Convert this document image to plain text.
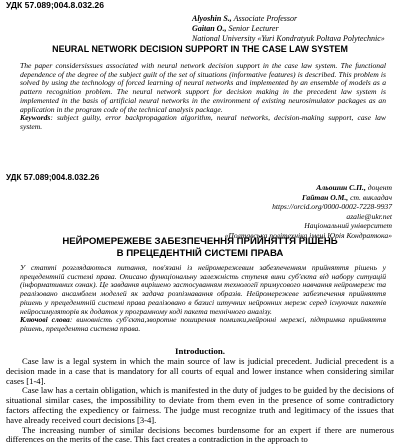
УДК 57.089;004.8.032.26
Alyoshin S., Associate Professor
Gaitan O., Senior Lecturer
National University «Yuri Kondratyuk Poltava Polytechnic»
NEURAL NETWORK DECISION SUPPORT IN THE CASE LAW SYSTEM
The paper considersissues associated with neural network decision support in the case law system. The functional dependence of the degree of the subject guilt of the set of situations (informative features) is described. This problem is solved by using the technology of forced learning of neural networks and implemented by an ensemble of models as a pattern recognition problem. The neural network support for decision making in the precedent law system is implemented in the basis of artificial neural networks in the environment of existing neurosimulator packages as an application in the program code of the technical analysis package.
Keywords: subject guilty, error backpropagation algorithm, neural networks, decision-making support, case law system.
УДК 57.089;004.8.032.26
Альошин С.П., доцент
Гайтан О.М., ст. викладач
https://orcid.org/0000-0002-7228-9937
azalie@ukr.net
Національний університет
«Полтавська політехніка імені Юрія Кондратюка»
НЕЙРОМЕРЕЖЕВЕ ЗАБЕЗПЕЧЕННЯ ПРИЙНЯТТЯ РІШЕНЬ
В ПРЕЦЕДЕНТНІЙ СИСТЕМІ ПРАВА
У статті розглядаються питання, пов'язані із нейромережевим забезпеченням прийняття рішень у прецедентній системі права. Описано функціональну залежність ступеня вини суб'єкта від набору ситуацій (інформативних ознак). Це завдання вирішено застосуванням технології примусового навчання нейромереж та реалізовано ансамблем моделей як задача розпізнавання образів. Нейромережеве забезпечення прийняття рішень у прецедентній системі права реалізовано в базисі штучних нейронних мереж серед існуючих пакетів нейросимуляторів як додаток у програмному коді пакета технічного аналізу.
Ключові слова: виновність суб'єкта,зворотне поширення помилки,нейронні мережі, підтримка прийняття рішень, прецедентна система права.
Introduction.

Case law is a legal system in which the main source of law is judicial precedent. Judicial precedent is a decision made in a case that is mandatory for all courts of equal and lower instance when considering similar cases [1-4].

Case law has a certain obligation, which is manifested in the duty of judges to be guided by the decisions of situational similar cases, the impossibility to deviate from them even in the presence of some contradictory factors affecting the expediency or fairness. The judge must recognize truth and legitimacy of the issues that have already received court decisions [3-4].

The increasing number of similar decisions becomes burdensome for an expert if there are numerous differences on the merits of the case. This fact creates a contradiction in the approach to
